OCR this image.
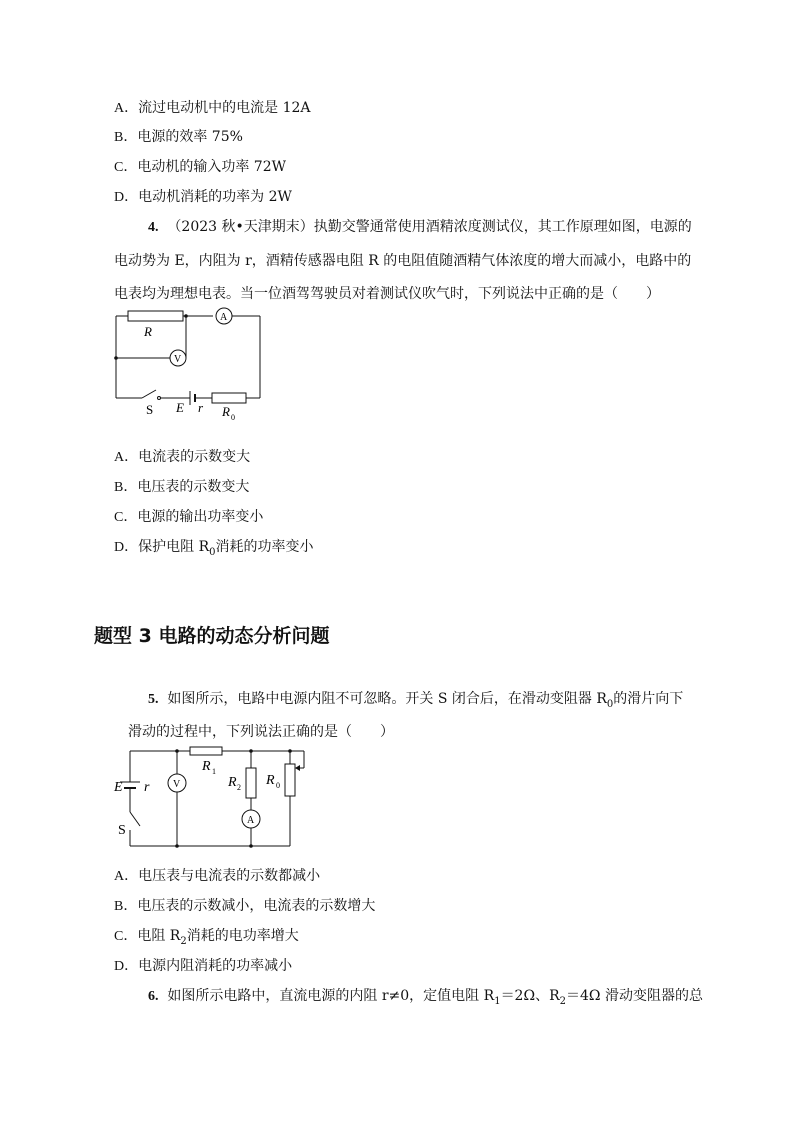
A．流过电动机中的电流是 12A
B．电源的效率 75%
C．电动机的输入功率 72W
D．电动机消耗的功率为 2W
4. （2023 秋•天津期末）执勤交警通常使用酒精浓度测试仪，其工作原理如图，电源的
电动势为 E，内阻为 r，酒精传感器电阻 R 的电阻值随酒精气体浓度的增大而减小，电路中的
电表均为理想电表。当一位酒驾驾驶员对着测试仪吹气时，下列说法中正确的是（　　）
R
A
V
S E r R 0
A．电流表的示数变大
B．电压表的示数变大
C．电源的输出功率变小
D．保护电阻 $R_0$消耗的功率变小
题型 3 电路的动态分析问题
5. 如图所示，电路中电源内阻不可忽略。开关 S 闭合后，在滑动变阻器 $R_0$的滑片向下
滑动的过程中，下列说法正确的是（　　）
E r
S
V
A
R 1
R 2 R 0
A．电压表与电流表的示数都减小
B．电压表的示数减小，电流表的示数增大
C．电阻 $R_2$消耗的电功率增大
D．电源内阻消耗的功率减小
6. 如图所示电路中，直流电源的内阻 r≠0，定值电阻 $R_1=2\Omega$、$R_2=4\Omega$ 滑动变阻器的总
